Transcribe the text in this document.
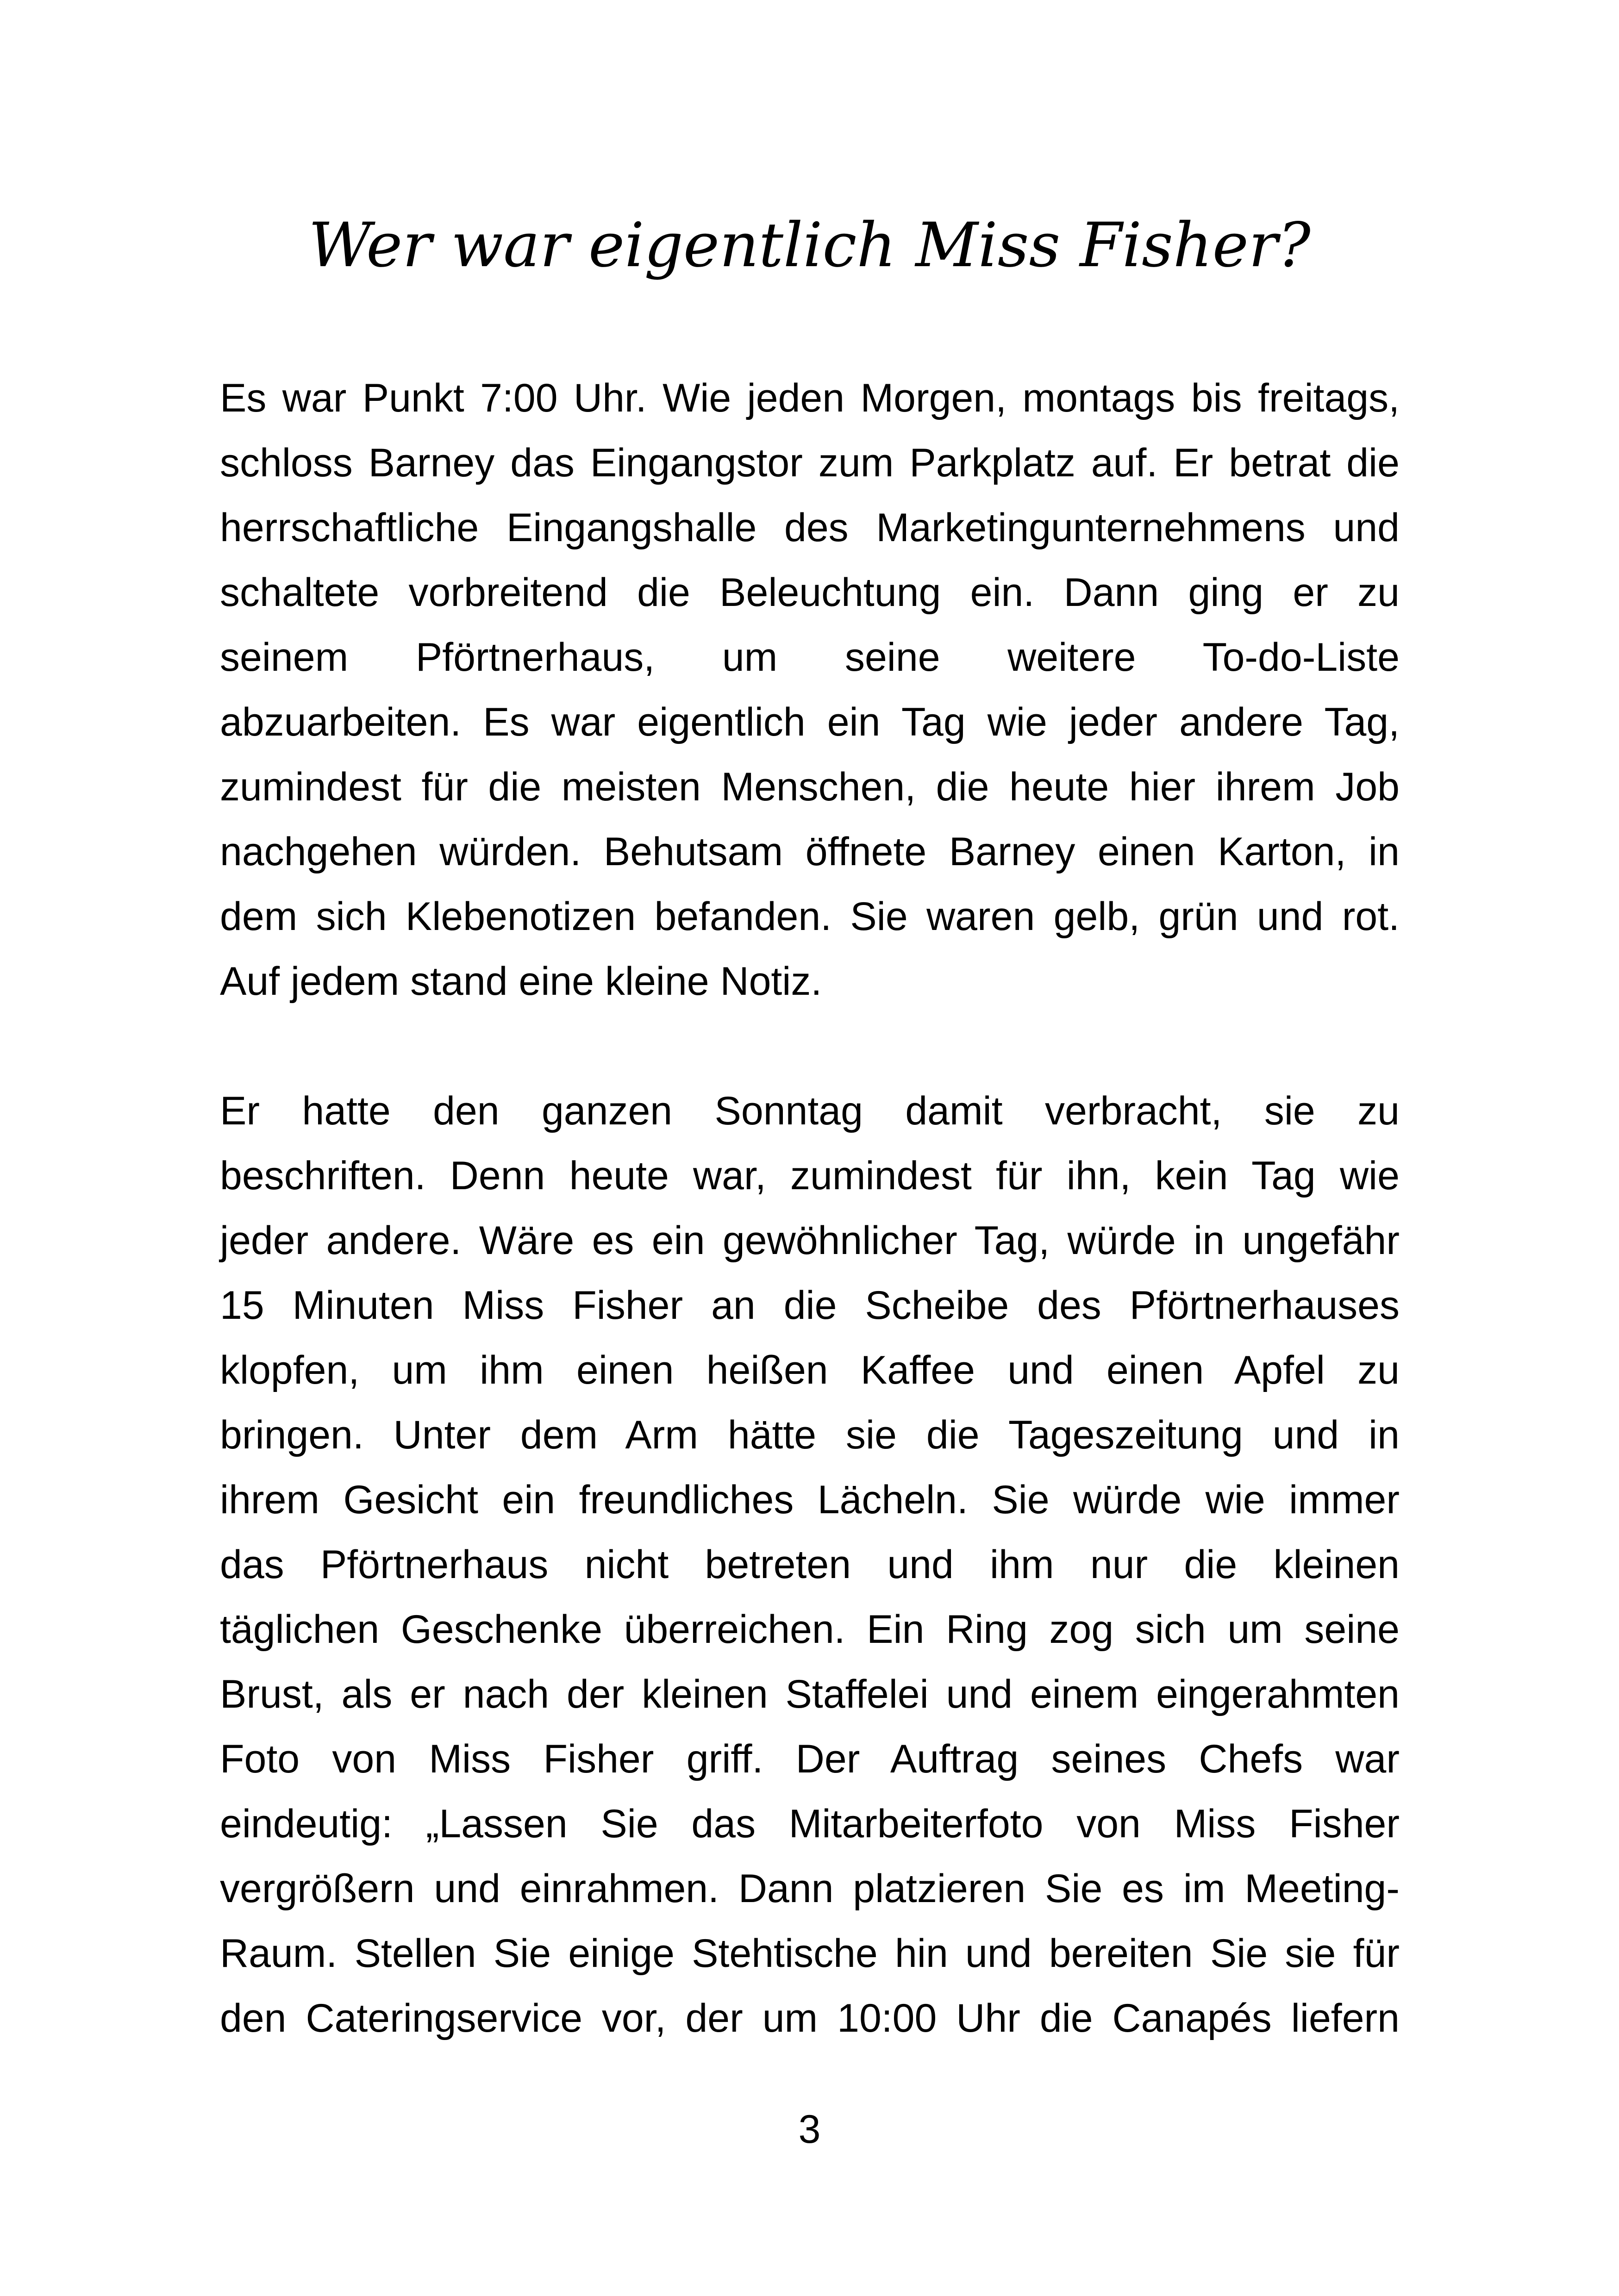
Wer war eigentlich Miss Fisher?
Es war Punkt 7:00 Uhr. Wie jeden Morgen, montags bis freitags,
schloss Barney das Eingangstor zum Parkplatz auf. Er betrat die
herrschaftliche Eingangshalle des Marketingunternehmens und
schaltete vorbreitend die Beleuchtung ein. Dann ging er zu
seinem Pförtnerhaus, um seine weitere To-do-Liste
abzuarbeiten. Es war eigentlich ein Tag wie jeder andere Tag,
zumindest für die meisten Menschen, die heute hier ihrem Job
nachgehen würden. Behutsam öffnete Barney einen Karton, in
dem sich Klebenotizen befanden. Sie waren gelb, grün und rot.
Auf jedem stand eine kleine Notiz.
Er hatte den ganzen Sonntag damit verbracht, sie zu
beschriften. Denn heute war, zumindest für ihn, kein Tag wie
jeder andere. Wäre es ein gewöhnlicher Tag, würde in ungefähr
15 Minuten Miss Fisher an die Scheibe des Pförtnerhauses
klopfen, um ihm einen heißen Kaffee und einen Apfel zu
bringen. Unter dem Arm hätte sie die Tageszeitung und in
ihrem Gesicht ein freundliches Lächeln. Sie würde wie immer
das Pförtnerhaus nicht betreten und ihm nur die kleinen
täglichen Geschenke überreichen. Ein Ring zog sich um seine
Brust, als er nach der kleinen Staffelei und einem eingerahmten
Foto von Miss Fisher griff. Der Auftrag seines Chefs war
eindeutig: „Lassen Sie das Mitarbeiterfoto von Miss Fisher
vergrößern und einrahmen. Dann platzieren Sie es im Meeting-
Raum. Stellen Sie einige Stehtische hin und bereiten Sie sie für
den Cateringservice vor, der um 10:00 Uhr die Canapés liefern
3
